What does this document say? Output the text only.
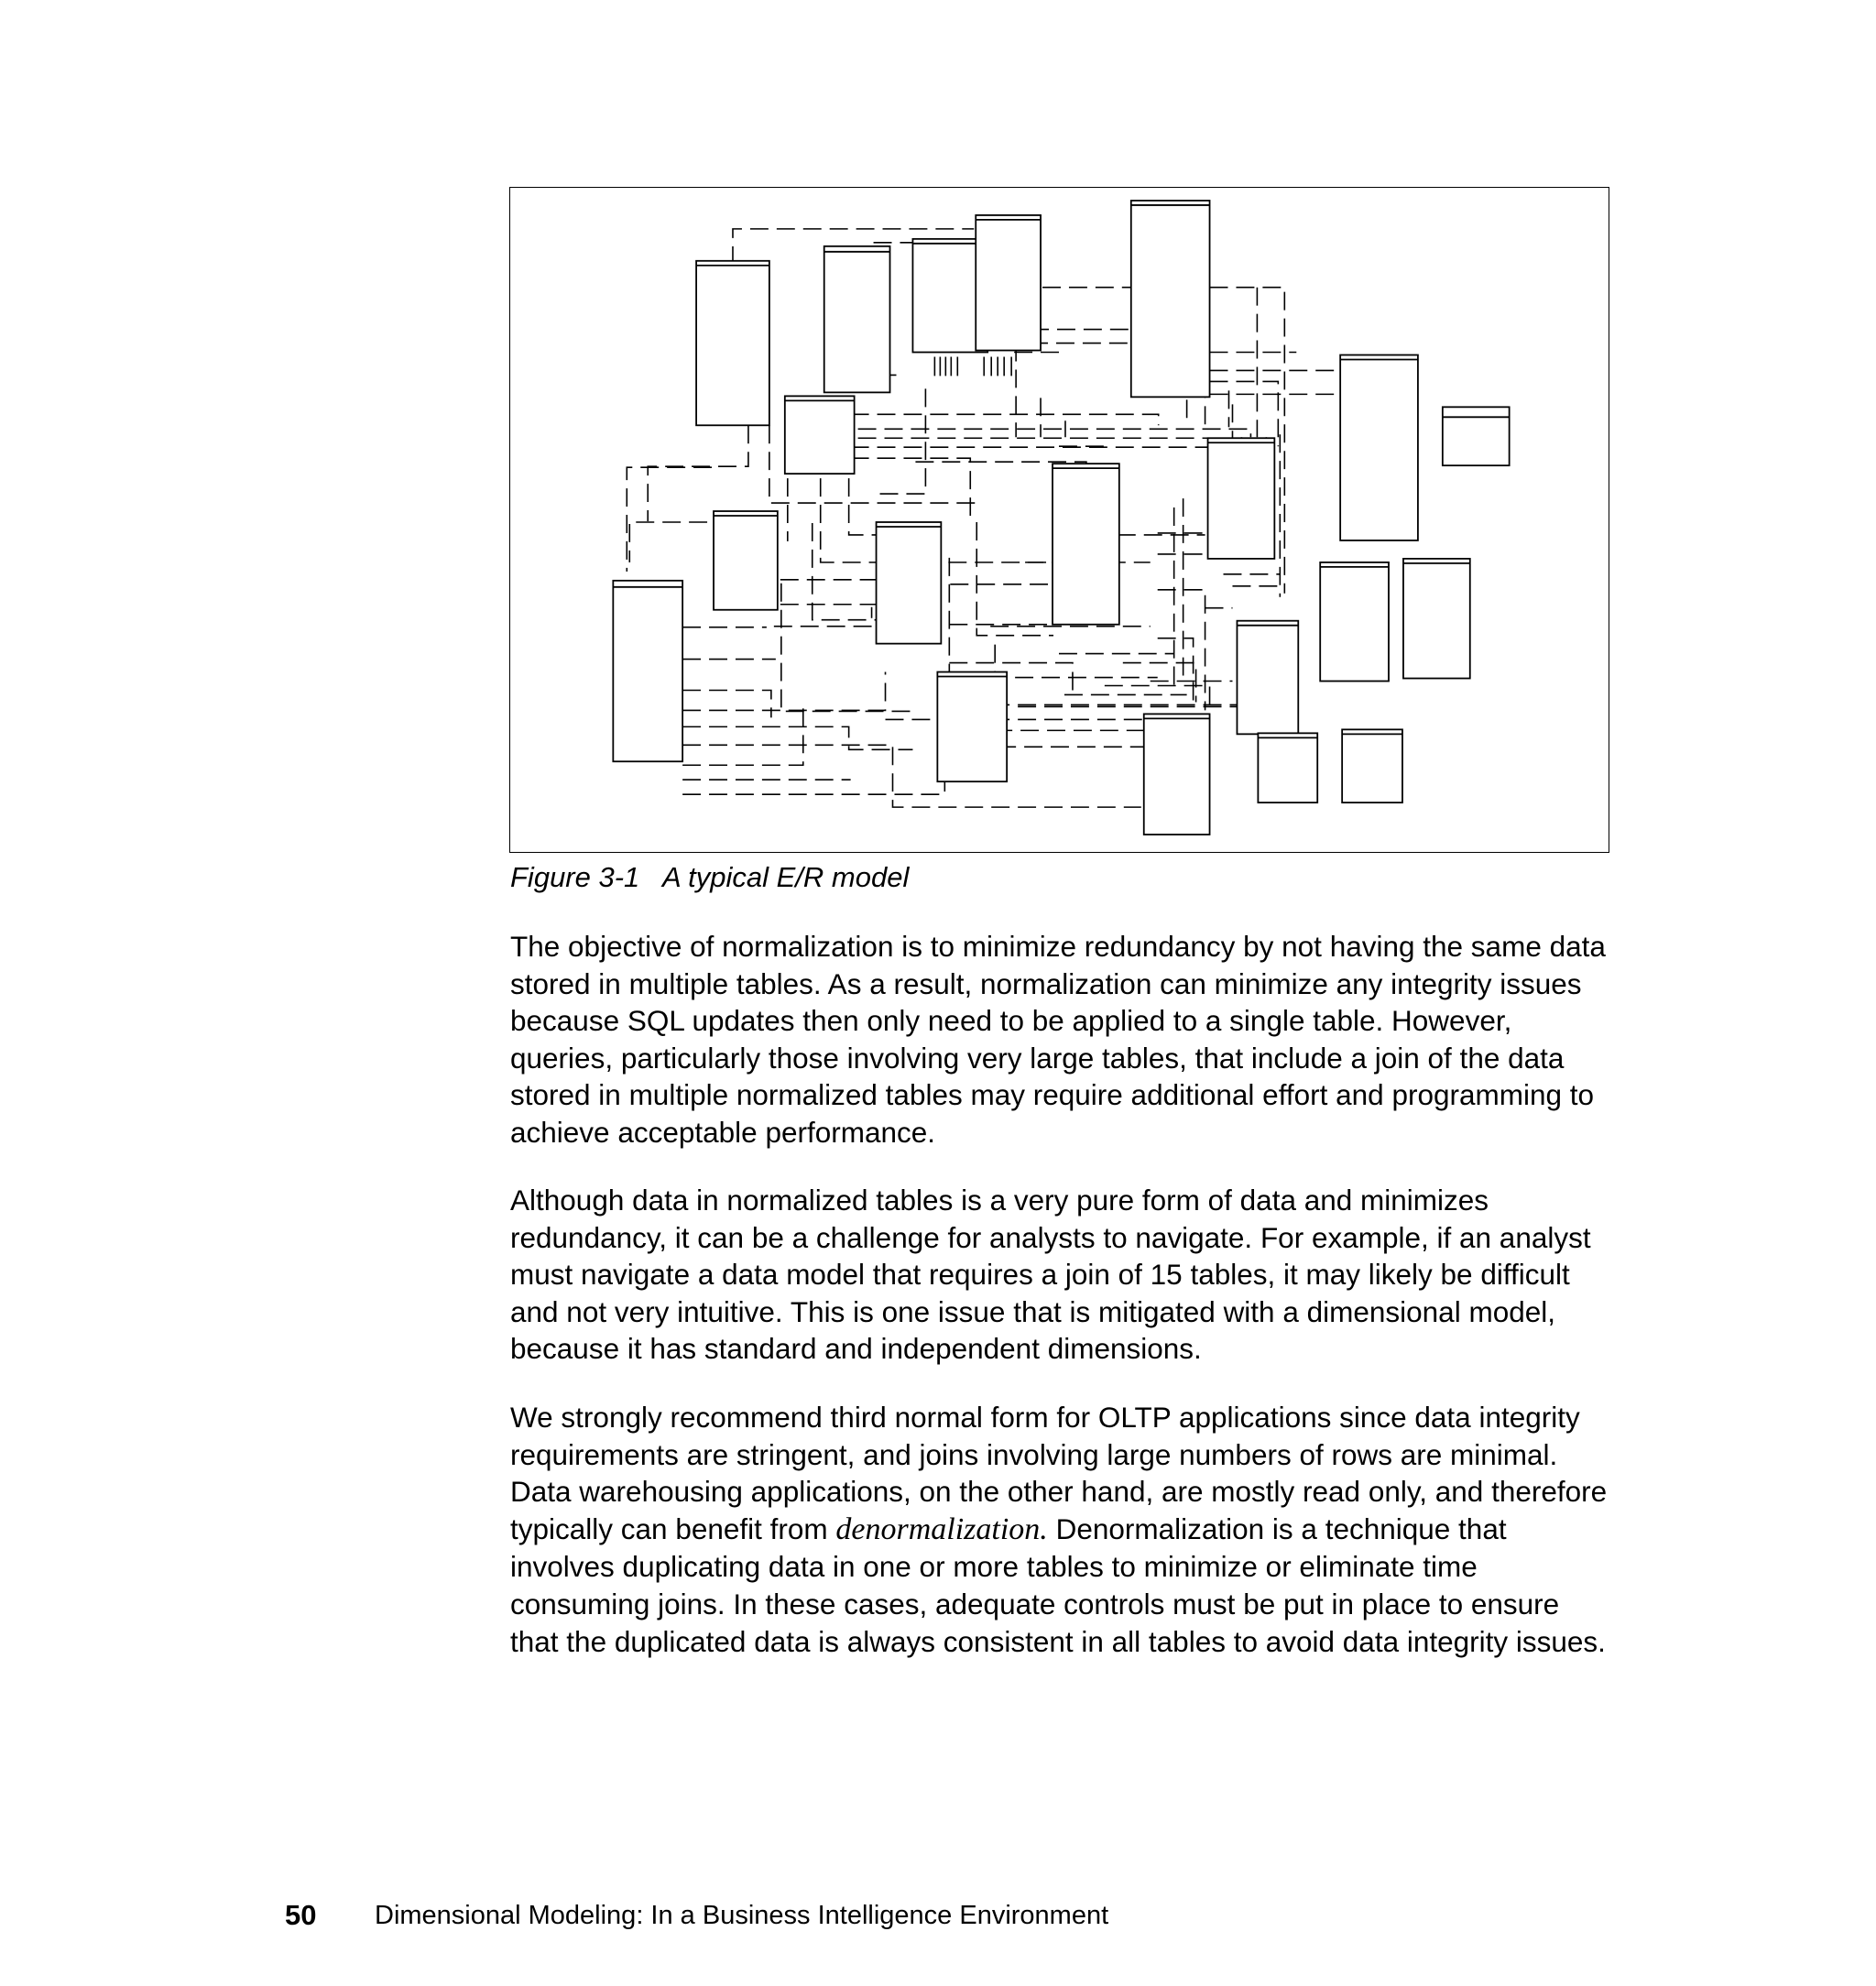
Figure 3-1 A typical E/R model

The objective of normalization is to minimize redundancy by not having the same data stored in multiple tables. As a result, normalization can minimize any integrity issues because SQL updates then only need to be applied to a single table. However, queries, particularly those involving very large tables, that include a join of the data stored in multiple normalized tables may require additional effort and programming to achieve acceptable performance.

Although data in normalized tables is a very pure form of data and minimizes redundancy, it can be a challenge for analysts to navigate. For example, if an analyst must navigate a data model that requires a join of 15 tables, it may likely be difficult and not very intuitive. This is one issue that is mitigated with a dimensional model, because it has standard and independent dimensions.

We strongly recommend third normal form for OLTP applications since data integrity requirements are stringent, and joins involving large numbers of rows are minimal. Data warehousing applications, on the other hand, are mostly read only, and therefore typically can benefit from denormalization. Denormalization is a technique that involves duplicating data in one or more tables to minimize or eliminate time consuming joins. In these cases, adequate controls must be put in place to ensure that the duplicated data is always consistent in all tables to avoid data integrity issues.

50 Dimensional Modeling: In a Business Intelligence Environment
